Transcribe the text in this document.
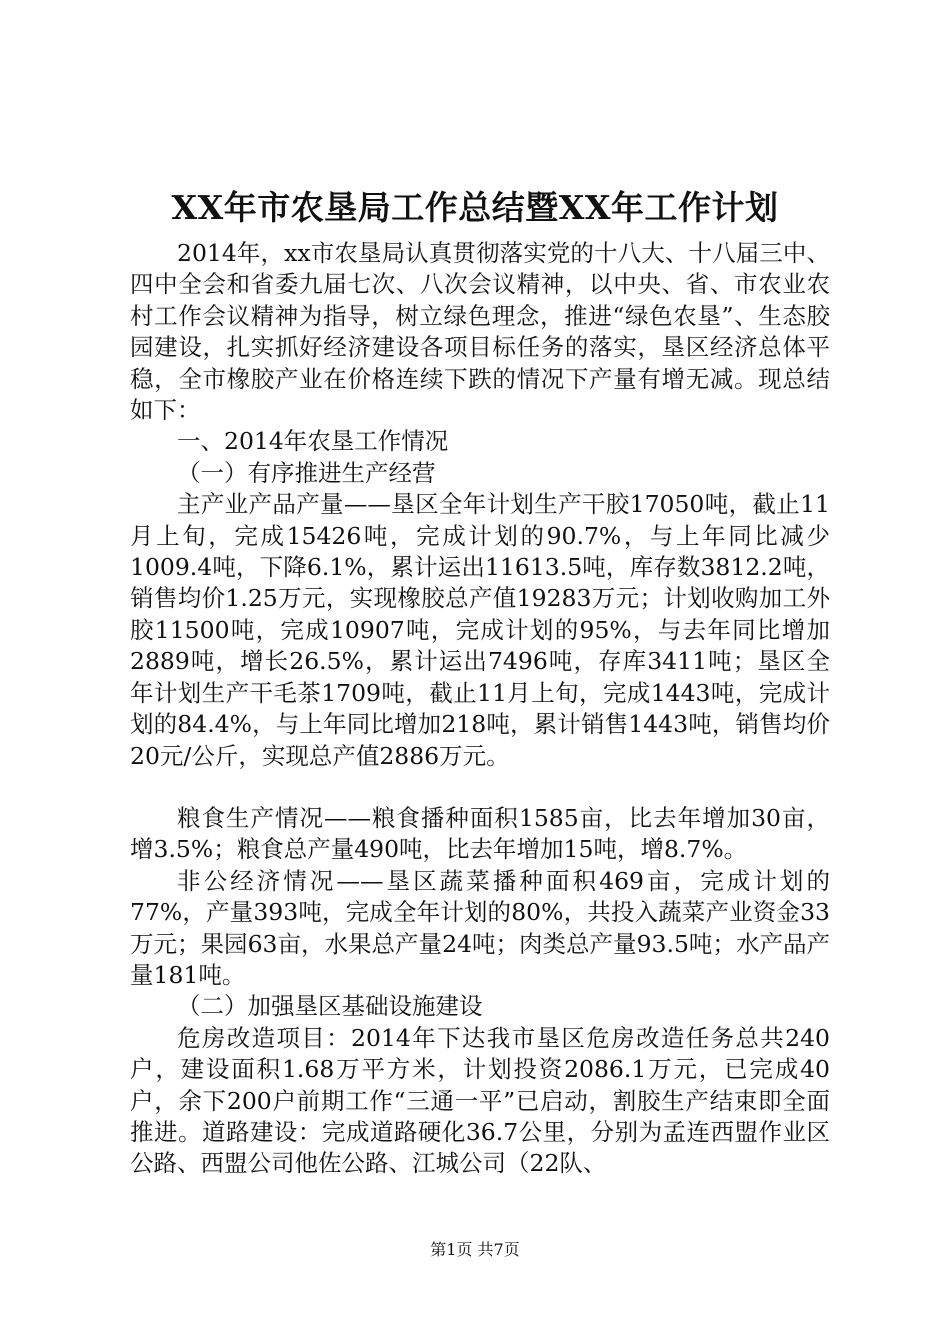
XX年市农垦局工作总结暨XX年工作计划

2014年，xx市农垦局认真贯彻落实党的十八大、十八届三中、四中全会和省委九届七次、八次会议精神，以中央、省、市农业农村工作会议精神为指导，树立绿色理念，推进“绿色农垦”、生态胶园建设，扎实抓好经济建设各项目标任务的落实，垦区经济总体平稳，全市橡胶产业在价格连续下跌的情况下产量有增无减。现总结如下：

一、2014年农垦工作情况

（一）有序推进生产经营

主产业产品产量——垦区全年计划生产干胶17050吨，截止11月上旬，完成15426吨，完成计划的90.7%，与上年同比减少1009.4吨，下降6.1%，累计运出11613.5吨，库存数3812.2吨，销售均价1.25万元，实现橡胶总产值19283万元；计划收购加工外胶11500吨，完成10907吨，完成计划的95%，与去年同比增加2889吨，增长26.5%，累计运出7496吨，存库3411吨；垦区全年计划生产干毛茶1709吨，截止11月上旬，完成1443吨，完成计划的84.4%，与上年同比增加218吨，累计销售1443吨，销售均价20元/公斤，实现总产值2886万元。

粮食生产情况——粮食播种面积1585亩，比去年增加30亩，增3.5%；粮食总产量490吨，比去年增加15吨，增8.7%。

非公经济情况——垦区蔬菜播种面积469亩，完成计划的77%，产量393吨，完成全年计划的80%，共投入蔬菜产业资金33万元；果园63亩，水果总产量24吨；肉类总产量93.5吨；水产品产量181吨。

（二）加强垦区基础设施建设

危房改造项目：2014年下达我市垦区危房改造任务总共240户，建设面积1.68万平方米，计划投资2086.1万元，已完成40户，余下200户前期工作“三通一平”已启动，割胶生产结束即全面推进。道路建设：完成道路硬化36.7公里，分别为孟连西盟作业区公路、西盟公司他佐公路、江城公司（22队、

第1页 共7页
